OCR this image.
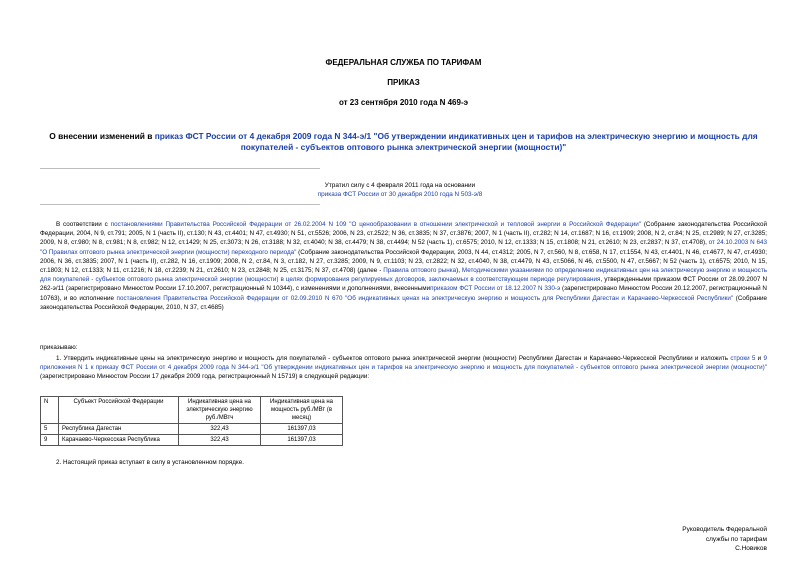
ФЕДЕРАЛЬНАЯ СЛУЖБА ПО ТАРИФАМ
ПРИКАЗ
от 23 сентября 2010 года N 469-э
О внесении изменений в приказ ФСТ России от 4 декабря 2009 года N 344-э/1 "Об утверждении индикативных цен и тарифов на электрическую энергию и мощность для покупателей - субъектов оптового рынка электрической энергии (мощности)"
Утратил силу с 4 февраля 2011 года на основании
приказа ФСТ России от 30 декабря 2010 года N 503-э/8
В соответствии с постановлениями Правительства Российской Федерации от 26.02.2004 N 109 "О ценообразовании в отношении электрической и тепловой энергии в Российской Федерации" (Собрание законодательства Российской Федерации, 2004, N 9, ст.791; 2005, N 1 (часть II), ст.130; N 43, ст.4401; N 47, ст.4930; N 51, ст.5526; 2006, N 23, ст.2522; N 36, ст.3835; N 37, ст.3876; 2007, N 1 (часть II), ст.282; N 14, ст.1687; N 16, ст.1909; 2008, N 2, ст.84; N 25, ст.2989; N 27, ст.3285; 2009, N 8, ст.980; N 8, ст.981; N 8, ст.982; N 12, ст.1429; N 25, ст.3073; N 26, ст.3188; N 32, ст.4040; N 38, ст.4479; N 38, ст.4494; N 52 (часть 1), ст.6575; 2010, N 12, ст.1333; N 15, ст.1808; N 21, ст.2610; N 23, ст.2837; N 37, ст.4708), от 24.10.2003 N 643 "О Правилах оптового рынка электрической энергии (мощности) переходного периода" (Собрание законодательства Российской Федерации, 2003, N 44, ст.4312; 2005, N 7, ст.560, N 8, ст.658, N 17, ст.1554, N 43, ст.4401, N 46, ст.4677, N 47, ст.4930; 2006, N 36, ст.3835; 2007, N 1 (часть II), ст.282, N 16, ст.1909; 2008, N 2, ст.84, N 3, ст.182, N 27, ст.3285; 2009, N 9, ст.1103; N 23, ст.2822; N 32, ст.4040, N 38, ст.4479, N 43, ст.5066, N 46, ст.5500, N 47, ст.5667; N 52 (часть 1), ст.6575; 2010, N 15, ст.1803; N 12, ст.1333; N 11, ст.1216; N 18, ст.2239; N 21, ст.2610; N 23, ст.2848; N 25, ст.3175; N 37, ст.4708) (далее - Правила оптового рынка), Методическими указаниями по определению индикативных цен на электрическую энергию и мощность для покупателей - субъектов оптового рынка электрической энергии (мощности) в целях формирования регулируемых договоров, заключаемых в соответствующем периоде регулирования, утвержденными приказом ФСТ России от 28.09.2007 N 262-э/11 (зарегистрировано Минюстом России 17.10.2007, регистрационный N 10344), с изменениями и дополнениями, внесеннымиприказом ФСТ России от 18.12.2007 N 330-э (зарегистрировано Минюстом России 20.12.2007, регистрационный N 10763), и во исполнение постановления Правительства Российской Федерации от 02.09.2010 N 670 "Об индикативных ценах на электрическую энергию и мощность для Республики Дагестан и Карачаево-Черкесской Республики" (Собрание законодательства Российской Федерации, 2010, N 37, ст.4685)
приказываю:
1. Утвердить индикативные цены на электрическую энергию и мощность для покупателей - субъектов оптового рынка электрической энергии (мощности) Республики Дагестан и Карачаево-Черкесской Республики и изложить строки 5 и 9 приложения N 1 к приказу ФСТ России от 4 декабря 2009 года N 344-э/1 "Об утверждении индикативных цен и тарифов на электрическую энергию и мощность для покупателей - субъектов оптового рынка электрической энергии (мощности)" (зарегистрировано Минюстом России 17 декабря 2009 года, регистрационный N 15719) в следующей редакции:
N	Субъект Российской Федерации	Индикативная цена на электрическую энергию руб./МВтч	Индикативная цена на мощность руб./МВт (в месяц)
5	Республика Дагестан	322,43	161397,03
9	Карачаево-Черкесская Республика	322,43	161397,03
2. Настоящий приказ вступает в силу в установленном порядке.
Руководитель Федеральной
службы по тарифам
С.Новиков
